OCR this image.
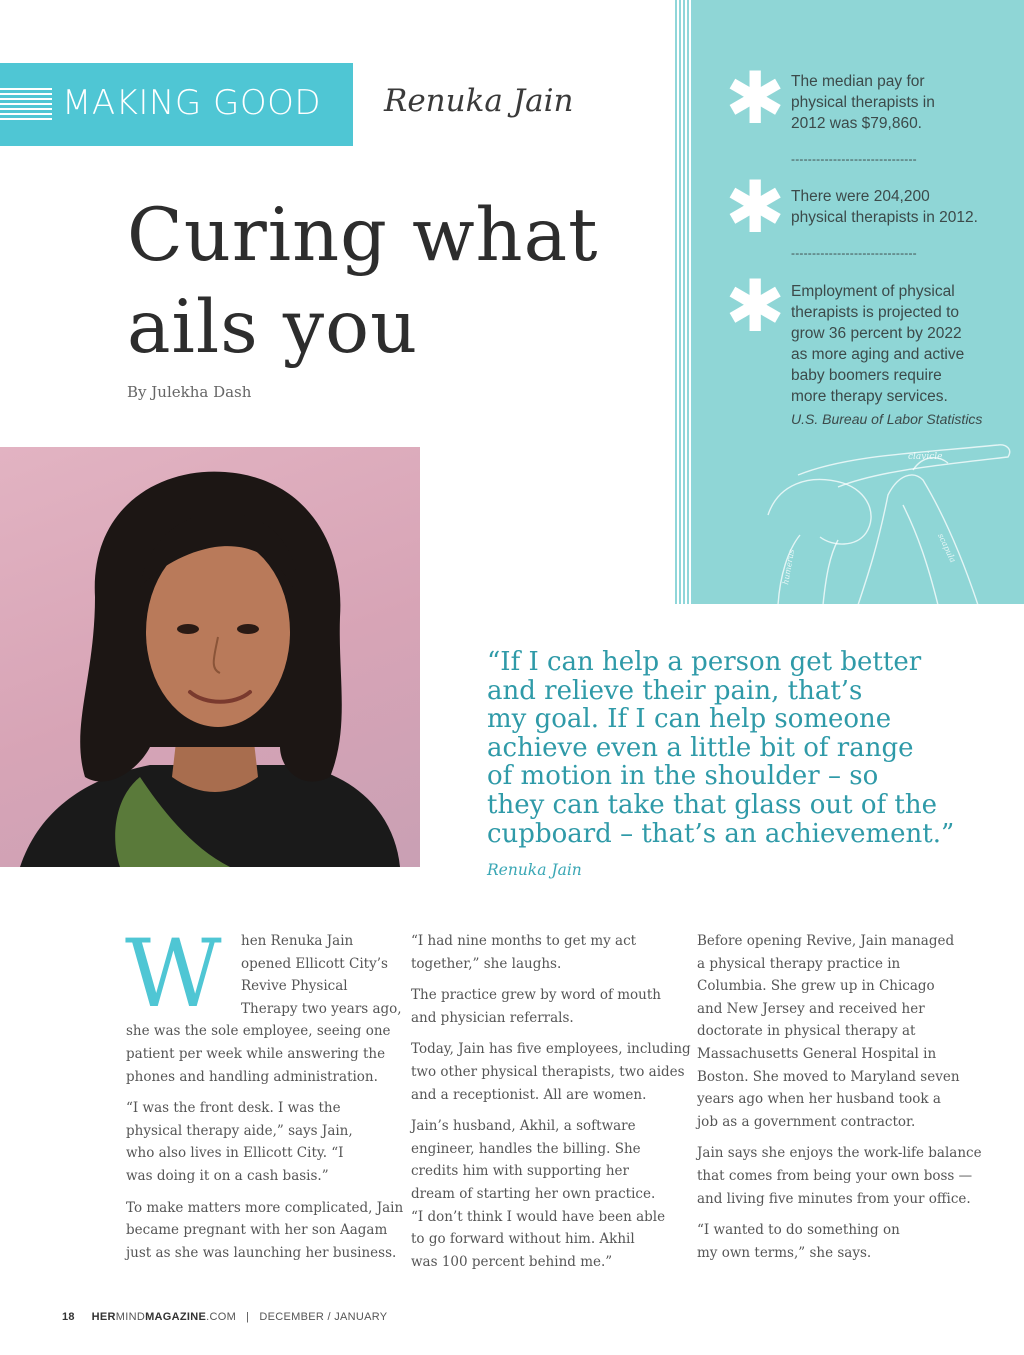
MAKING GOOD Renuka Jain
Curing what
ails you
By Julekha Dash
✱ The median pay for
physical therapists in
2012 was $79,860.
------------------------------
✱ There were 204,200
physical therapists in 2012.
------------------------------
✱ Employment of physical
therapists is projected to
grow 36 percent by 2022
as more aging and active
baby boomers require
more therapy services.
U.S. Bureau of Labor Statistics
clavicle
humerus
scapula
“If I can help a person get better
and relieve their pain, that’s
my goal. If I can help someone
achieve even a little bit of range
of motion in the shoulder – so
they can take that glass out of the
cupboard – that’s an achievement.”
Renuka Jain
W	hen Renuka Jain
opened Ellicott City’s
Revive Physical
Therapy two years ago,
she was the sole employee, seeing one
patient per week while answering the
phones and handling administration.

“I was the front desk. I was the
physical therapy aide,” says Jain,
who also lives in Ellicott City. “I
was doing it on a cash basis.”

To make matters more complicated, Jain
became pregnant with her son Aagam
just as she was launching her business.

“I had nine months to get my act
together,” she laughs.

The practice grew by word of mouth
and physician referrals.

Today, Jain has five employees, including
two other physical therapists, two aides
and a receptionist. All are women.

Jain’s husband, Akhil, a software
engineer, handles the billing. She
credits him with supporting her
dream of starting her own practice.
“I don’t think I would have been able
to go forward without him. Akhil
was 100 percent behind me.”

Before opening Revive, Jain managed
a physical therapy practice in
Columbia. She grew up in Chicago
and New Jersey and received her
doctorate in physical therapy at
Massachusetts General Hospital in
Boston. She moved to Maryland seven
years ago when her husband took a
job as a government contractor.

Jain says she enjoys the work-life balance
that comes from being your own boss —
and living five minutes from your office.

“I wanted to do something on
my own terms,” she says.

18 HERMINDMAGAZINE.COM | DECEMBER / JANUARY
